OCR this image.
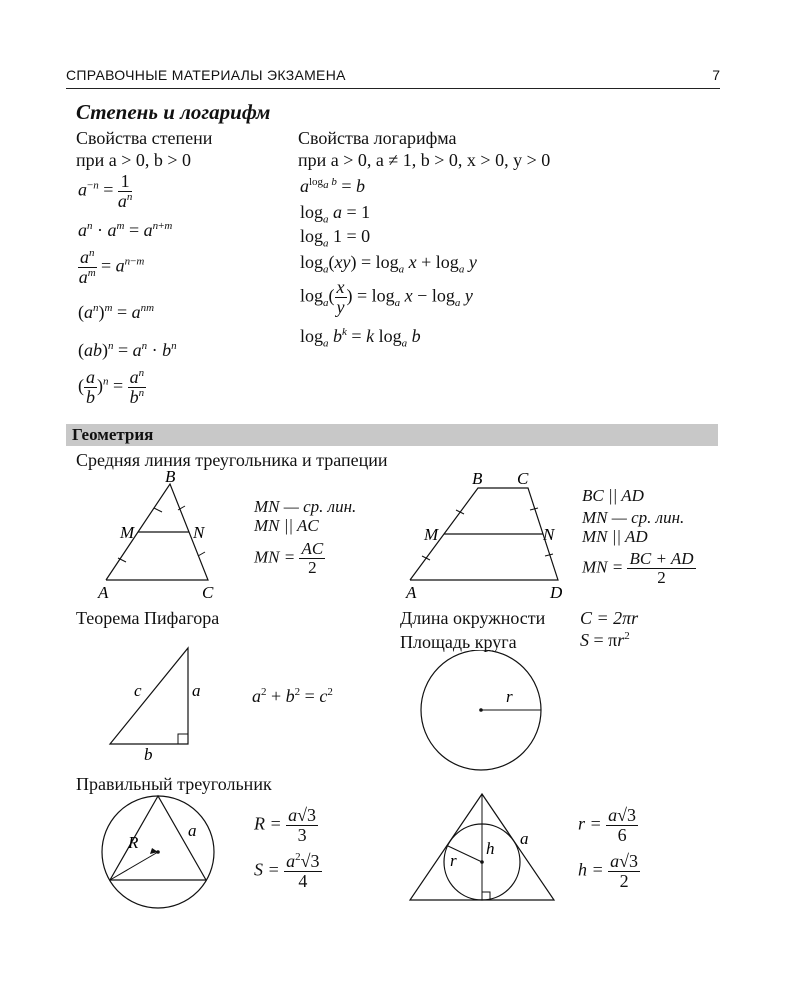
СПРАВОЧНЫЕ МАТЕРИАЛЫ ЭКЗАМЕНА	7
Степень и логарифм
Свойства степени
при a > 0, b > 0
Свойства логарифма
при a > 0, a ≠ 1, b > 0, x > 0, y > 0
$a^{-n} = \frac{1}{a^n}$
$a^n \cdot a^m = a^{n+m}$
$\frac{a^n}{a^m} = a^{n-m}$
$(a^n)^m = a^{nm}$
$(ab)^n = a^n \cdot b^n$
( $\frac{a}{b} )^n = \frac{a^n}{b^n}$
$a^{log_a b} = b$
$\log_a a = 1$
$\log_a 1 = 0$
$\log_a(xy) = \log_a x + \log_a y$
$\log_a( \frac{x}{y}$ ) = $\log_a x - \log_a y$
$\log_a b^k = k$ $\log_a b$
Геометрия
Средняя линия треугольника и трапеции
A
B
C
M	N
MN — ср. лин.
MN || AC
MN = $\frac{AC}{2}$
A
B C
D
M	N
BC || AD
MN — ср. лин.
MN || AD
MN = $\frac{BC + AD}{2}$
Теорема Пифагора
c	a
b
$a^2 + b^2 = c^2$
Длина окружности C = 2πr
Площадь круга	$S = \pi r^2$
r
Правильный треугольник
R
a	$R = \frac{a√3}{3}$
$S = \frac{a^2√3}{4}$	r
h
a
$r = \frac{a√3}{6}$
$h = \frac{a√3}{2}$
